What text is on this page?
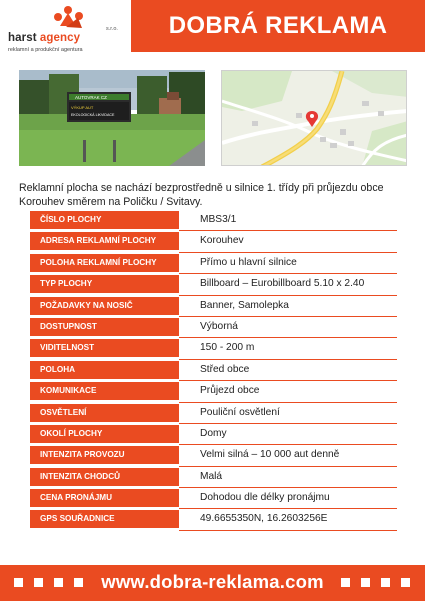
s.r.o.
harst agency
reklamní a produkční agentura
DOBRÁ REKLAMA
AUTOVRAK CZ
VÝKUP AUT
EKOLOGICKÁ LIKVIDACE
Reklamní plocha se nachází bezprostředně u silnice 1. třídy při průjezdu obce Korouhev směrem na Poličku / Svitavy.
ČÍSLO PLOCHY	MBS3/1
ADRESA REKLAMNÍ PLOCHY	Korouhev
POLOHA REKLAMNÍ PLOCHY	Přímo u hlavní silnice
TYP PLOCHY	Billboard – Eurobillboard 5.10 x 2.40
POŽADAVKY NA NOSIČ	Banner, Samolepka
DOSTUPNOST	Výborná
VIDITELNOST	150 - 200 m
POLOHA	Střed obce
KOMUNIKACE	Průjezd obce
OSVĚTLENÍ	Pouliční osvětlení
OKOLÍ PLOCHY	Domy
INTENZITA PROVOZU	Velmi silná – 10 000 aut denně
INTENZITA CHODCŮ	Malá
CENA PRONÁJMU	Dohodou dle délky pronájmu
GPS SOUŘADNICE	49.6655350N, 16.2603256E
www.dobra-reklama.com
